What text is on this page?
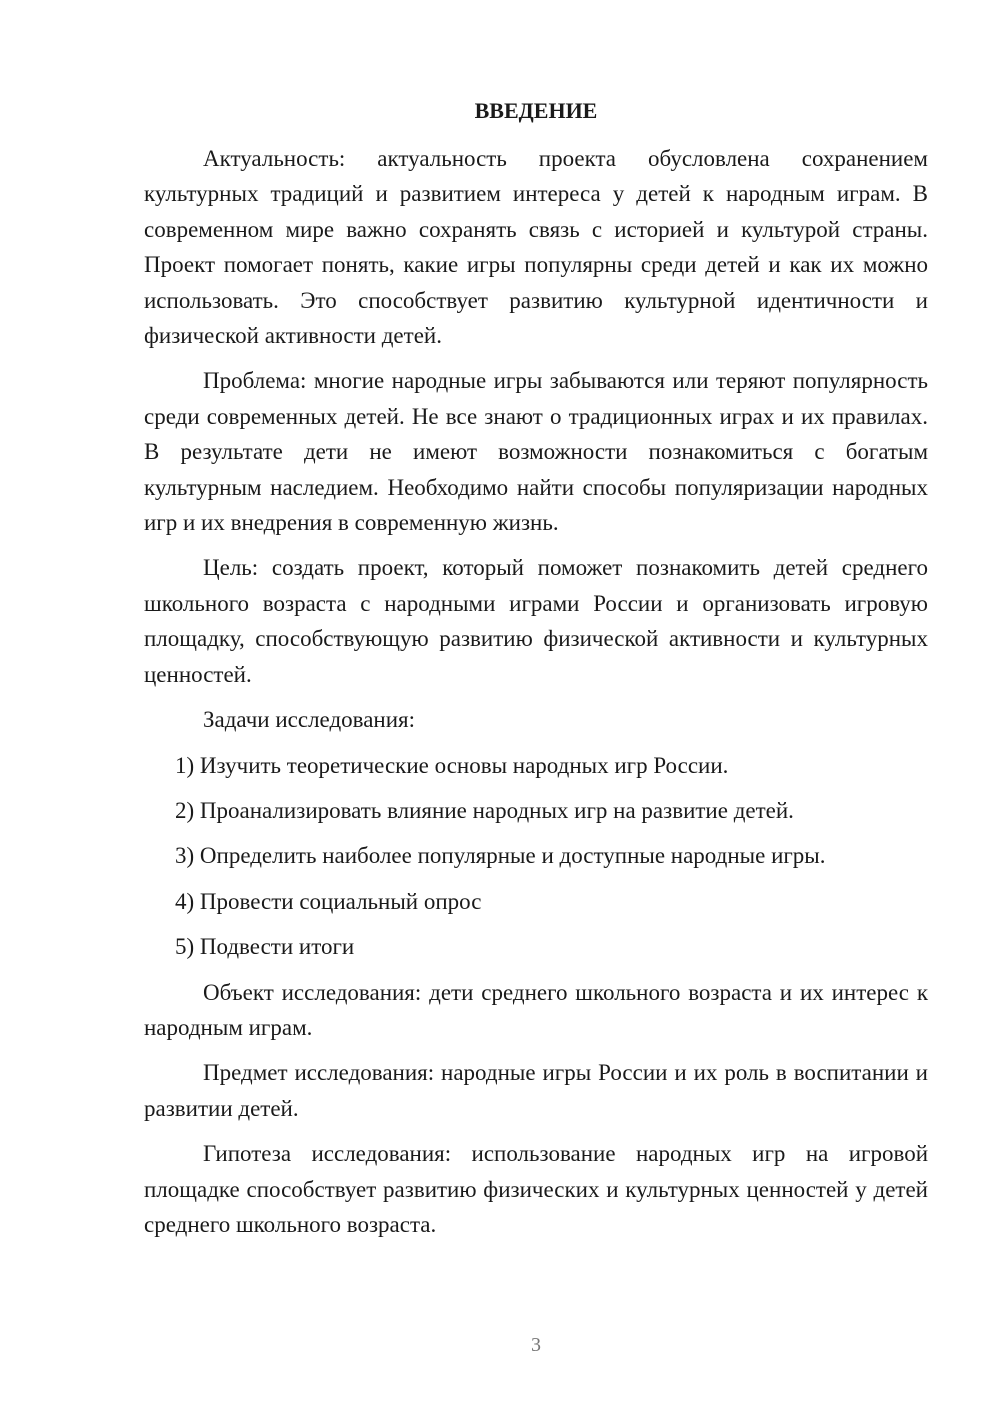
ВВЕДЕНИЕ

Актуальность: актуальность проекта обусловлена сохранением культурных традиций и развитием интереса у детей к народным играм. В современном мире важно сохранять связь с историей и культурой страны. Проект помогает понять, какие игры популярны среди детей и как их можно использовать. Это способствует развитию культурной идентичности и физической активности детей.

Проблема: многие народные игры забываются или теряют популярность среди современных детей. Не все знают о традиционных играх и их правилах. В результате дети не имеют возможности познакомиться с богатым культурным наследием. Необходимо найти способы популяризации народных игр и их внедрения в современную жизнь.

Цель: создать проект, который поможет познакомить детей среднего школьного возраста с народными играми России и организовать игровую площадку, способствующую развитию физической активности и культурных ценностей.

Задачи исследования:

1) Изучить теоретические основы народных игр России.
2) Проанализировать влияние народных игр на развитие детей.
3) Определить наиболее популярные и доступные народные игры.
4) Провести социальный опрос
5) Подвести итоги

Объект исследования: дети среднего школьного возраста и их интерес к народным играм.

Предмет исследования: народные игры России и их роль в воспитании и развитии детей.

Гипотеза исследования: использование народных игр на игровой площадке способствует развитию физических и культурных ценностей у детей среднего школьного возраста.

3
